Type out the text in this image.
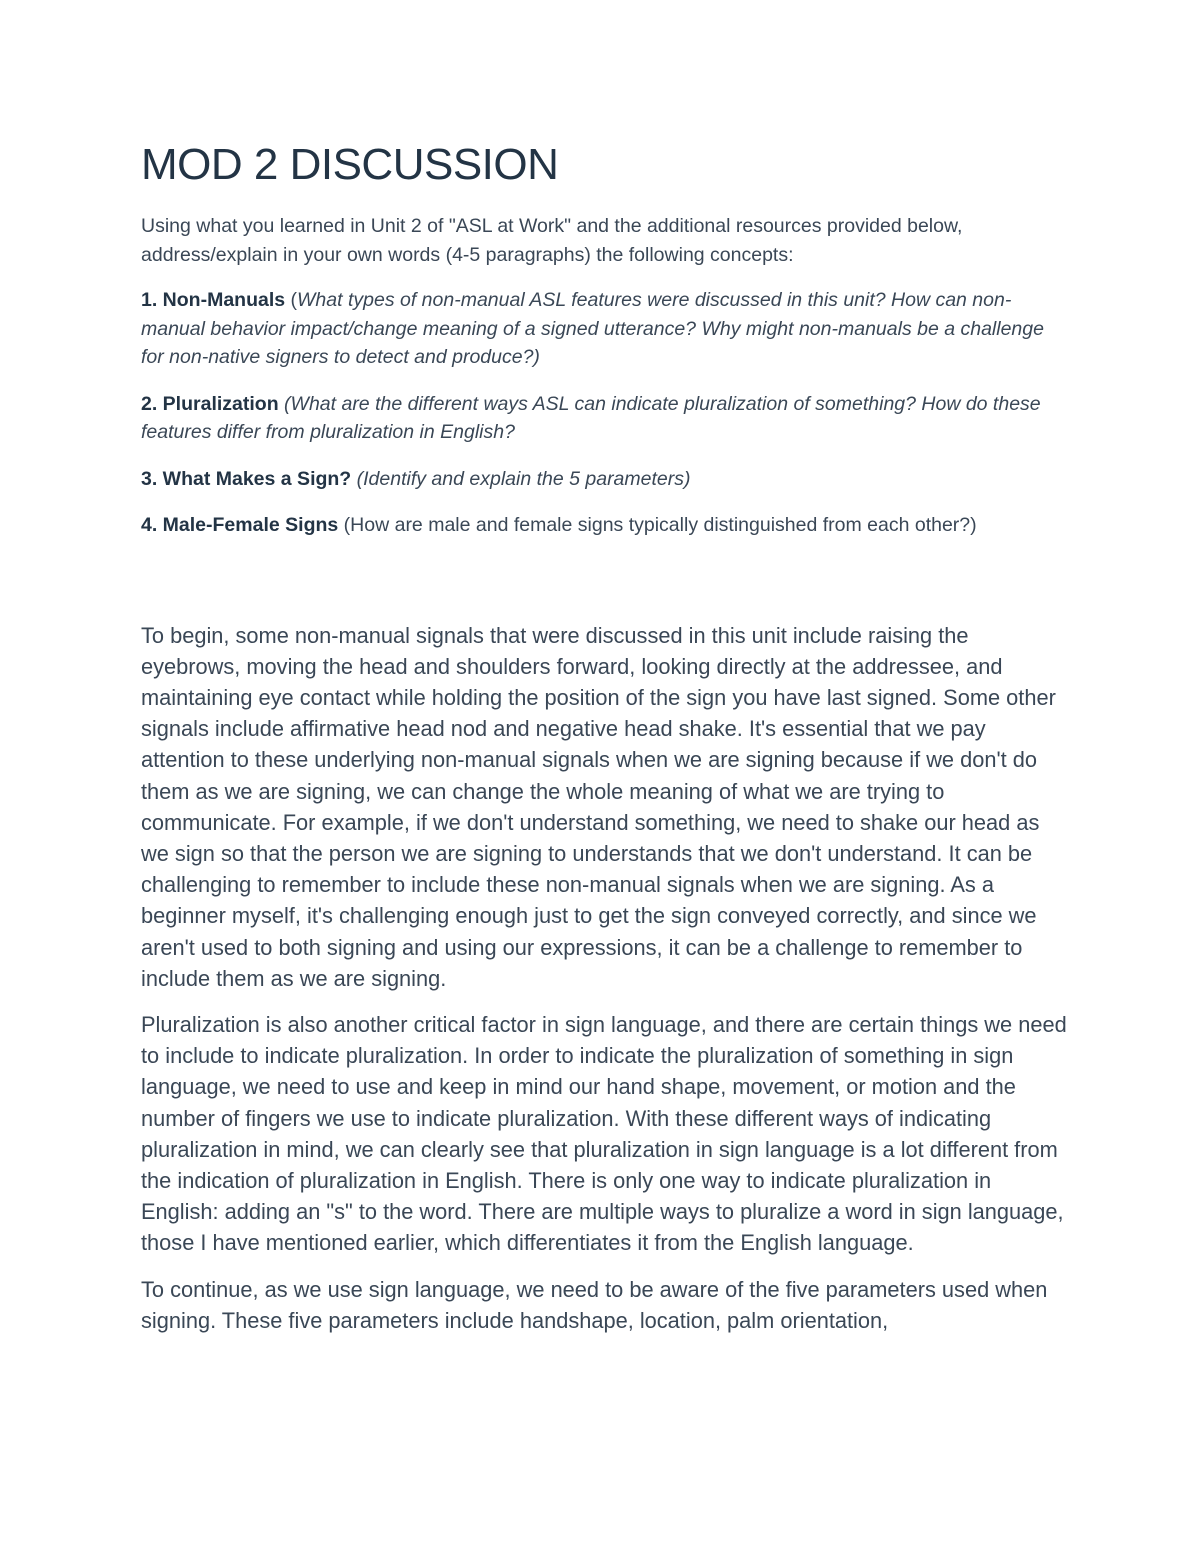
MOD 2 DISCUSSION

Using what you learned in Unit 2 of "ASL at Work" and the additional resources provided below, address/explain in your own words (4-5 paragraphs) the following concepts:

1. Non-Manuals (What types of non-manual ASL features were discussed in this unit? How can non-manual behavior impact/change meaning of a signed utterance? Why might non-manuals be a challenge for non-native signers to detect and produce?)

2. Pluralization (What are the different ways ASL can indicate pluralization of something? How do these features differ from pluralization in English?

3. What Makes a Sign? (Identify and explain the 5 parameters)

4. Male-Female Signs (How are male and female signs typically distinguished from each other?)

To begin, some non-manual signals that were discussed in this unit include raising the eyebrows, moving the head and shoulders forward, looking directly at the addressee, and maintaining eye contact while holding the position of the sign you have last signed. Some other signals include affirmative head nod and negative head shake. It's essential that we pay attention to these underlying non-manual signals when we are signing because if we don't do them as we are signing, we can change the whole meaning of what we are trying to communicate. For example, if we don't understand something, we need to shake our head as we sign so that the person we are signing to understands that we don't understand. It can be challenging to remember to include these non-manual signals when we are signing. As a beginner myself, it's challenging enough just to get the sign conveyed correctly, and since we aren't used to both signing and using our expressions, it can be a challenge to remember to include them as we are signing.

Pluralization is also another critical factor in sign language, and there are certain things we need to include to indicate pluralization. In order to indicate the pluralization of something in sign language, we need to use and keep in mind our hand shape, movement, or motion and the number of fingers we use to indicate pluralization. With these different ways of indicating pluralization in mind, we can clearly see that pluralization in sign language is a lot different from the indication of pluralization in English. There is only one way to indicate pluralization in English: adding an "s" to the word. There are multiple ways to pluralize a word in sign language, those I have mentioned earlier, which differentiates it from the English language.

To continue, as we use sign language, we need to be aware of the five parameters used when signing. These five parameters include handshape, location, palm orientation,
